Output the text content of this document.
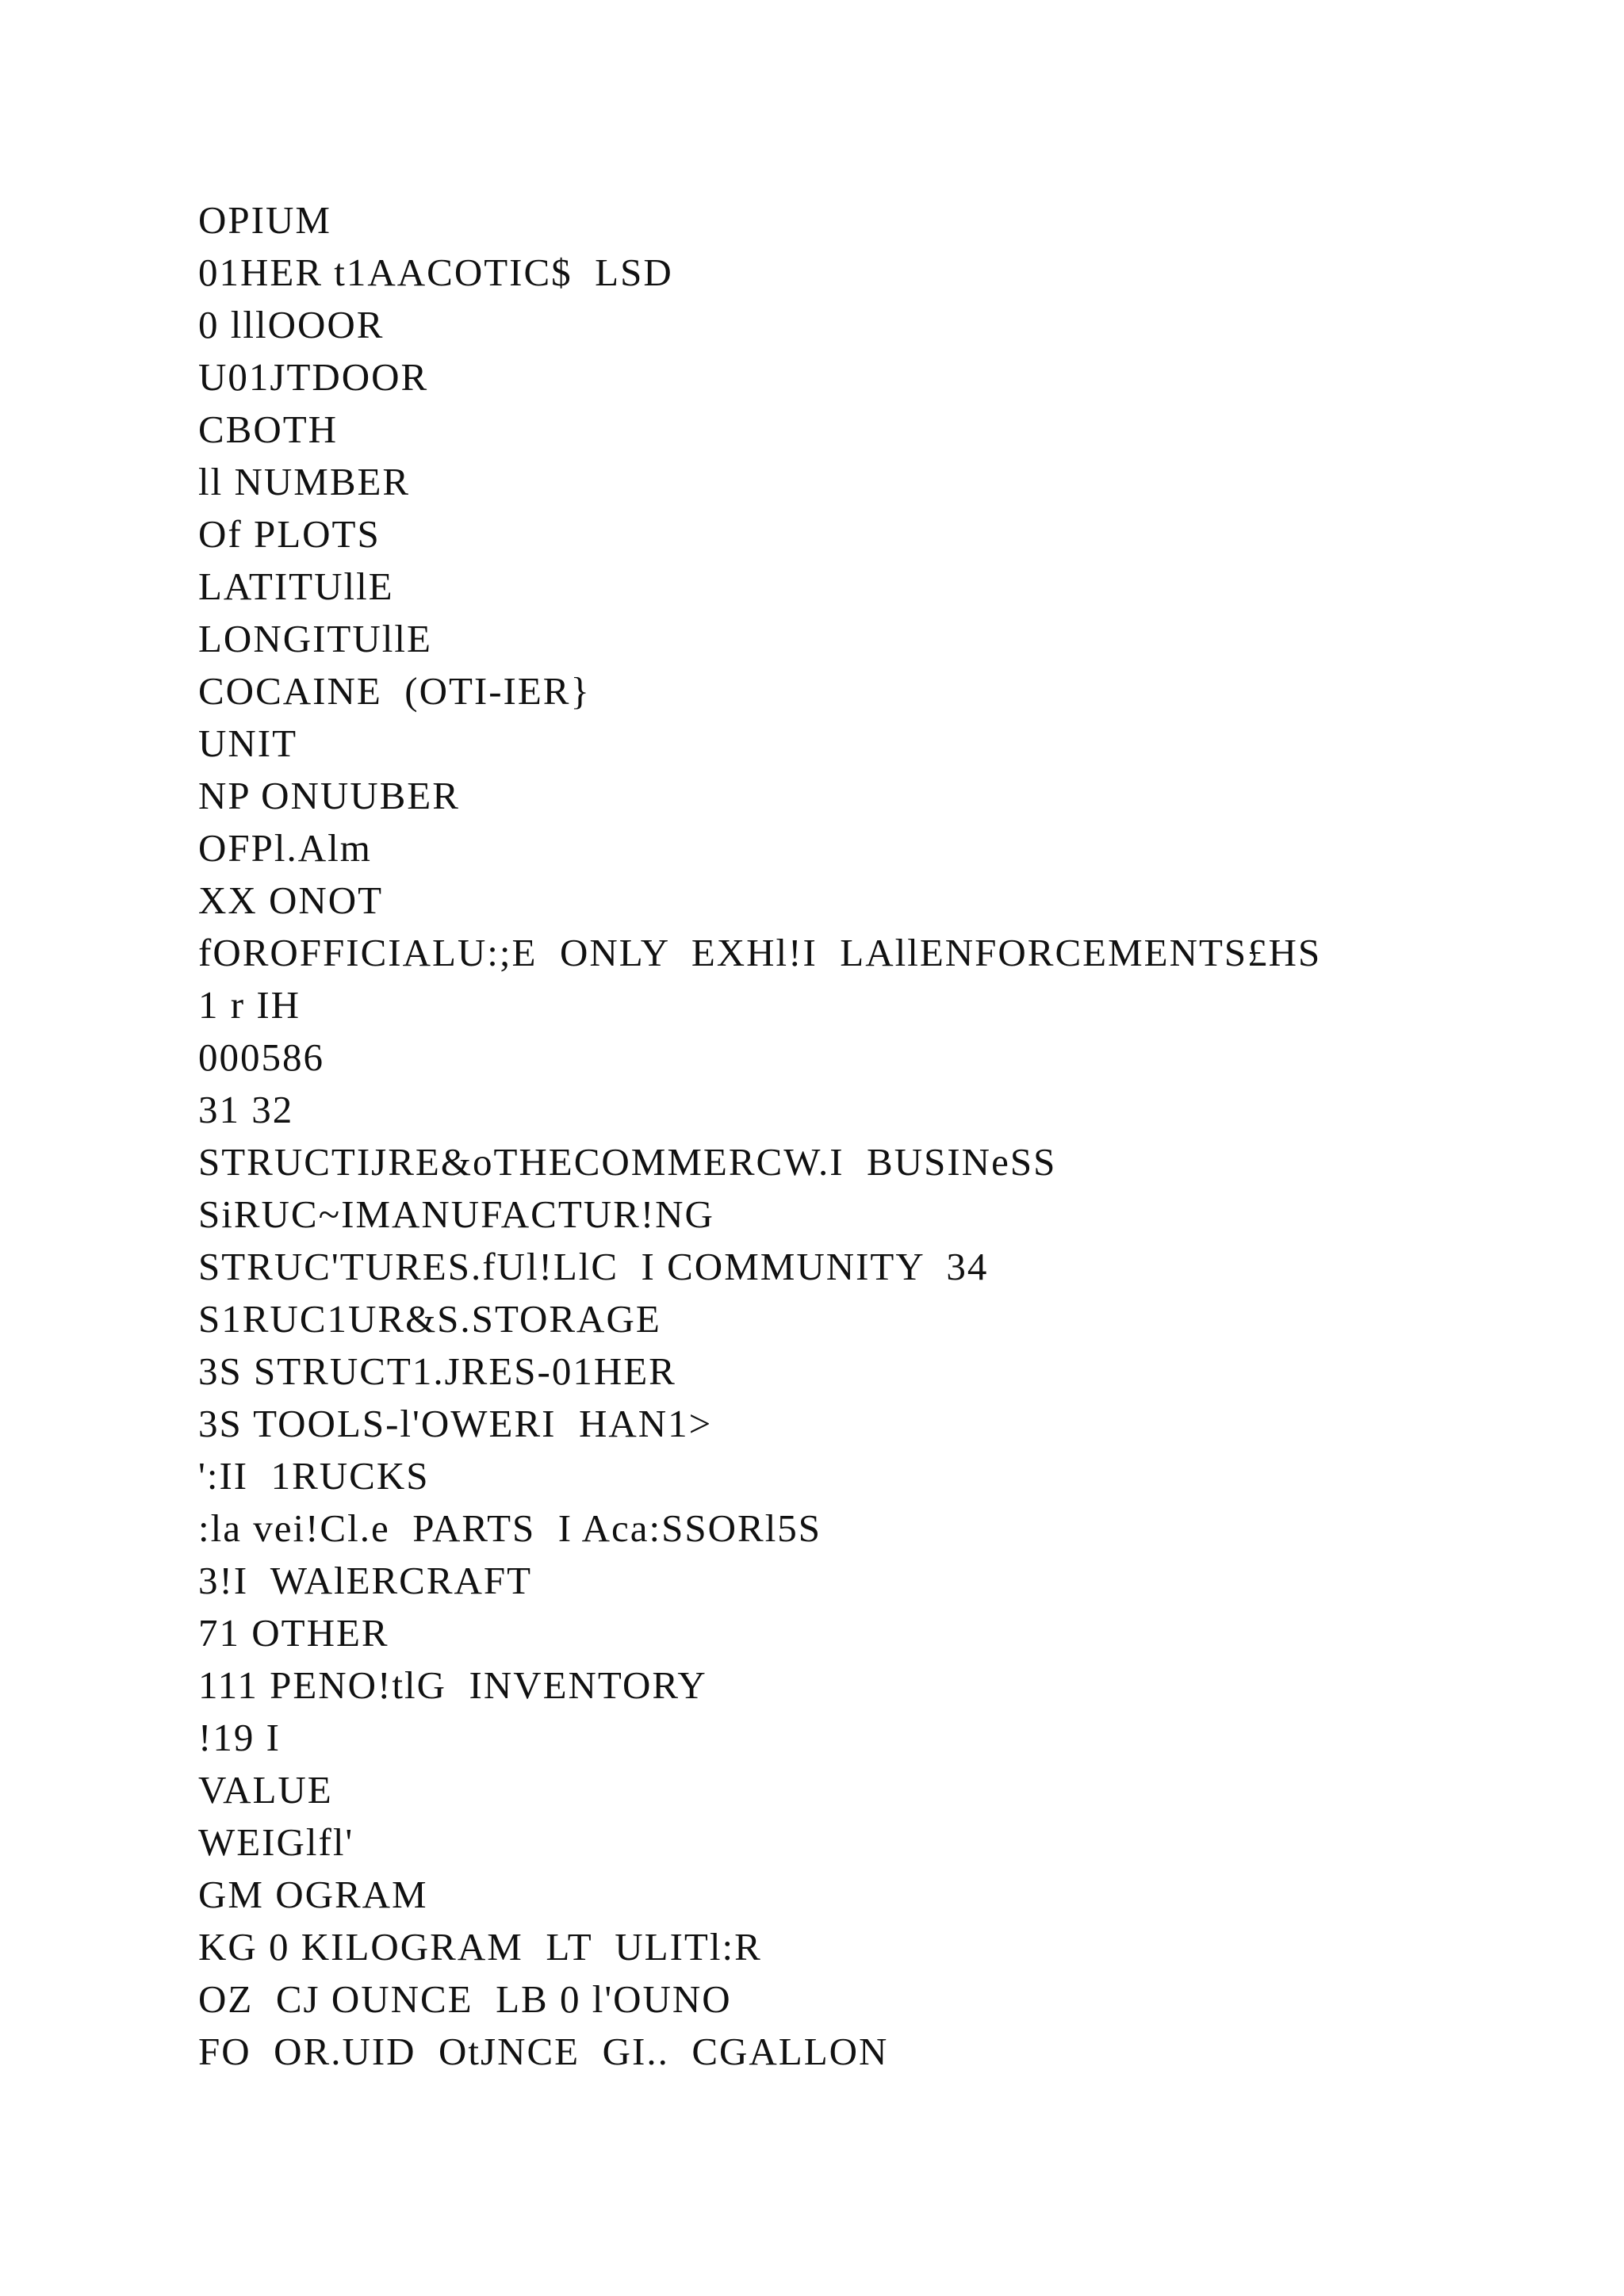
OPIUM
01HER t1AACOTIC$  LSD
0 lllOOOR
U01JTDOOR
CBOTH
ll NUMBER
Of PLOTS
LATITUllE
LONGITUllE
COCAINE  (OTI-IER}
UNIT
NP ONUUBER
OFPl.Alm
XX ONOT
fOROFFICIALU:;E  ONLY  EXHl!I  LAllENFORCEMENTS£HS
1 r IH
000586
31 32
STRUCTIJRE&oTHECOMMERCW.I  BUSINeSS
SiRUC~IMANUFACTUR!NG
STRUC'TURES.fUl!LlC  I COMMUNITY  34
S1RUC1UR&S.STORAGE
3S STRUCT1.JRES-01HER
3S TOOLS-l'OWERI  HAN1>
':II  1RUCKS
:la vei!Cl.e  PARTS  I Aca:SSORl5S
3!I  WAlERCRAFT
71 OTHER
111 PENO!tlG  INVENTORY
!19 I
VALUE
WEIGlfl'
GM OGRAM
KG 0 KILOGRAM  LT  ULITl:R
OZ  CJ OUNCE  LB 0 l'OUNO
FO  OR.UID  OtJNCE  GI..  CGALLON
